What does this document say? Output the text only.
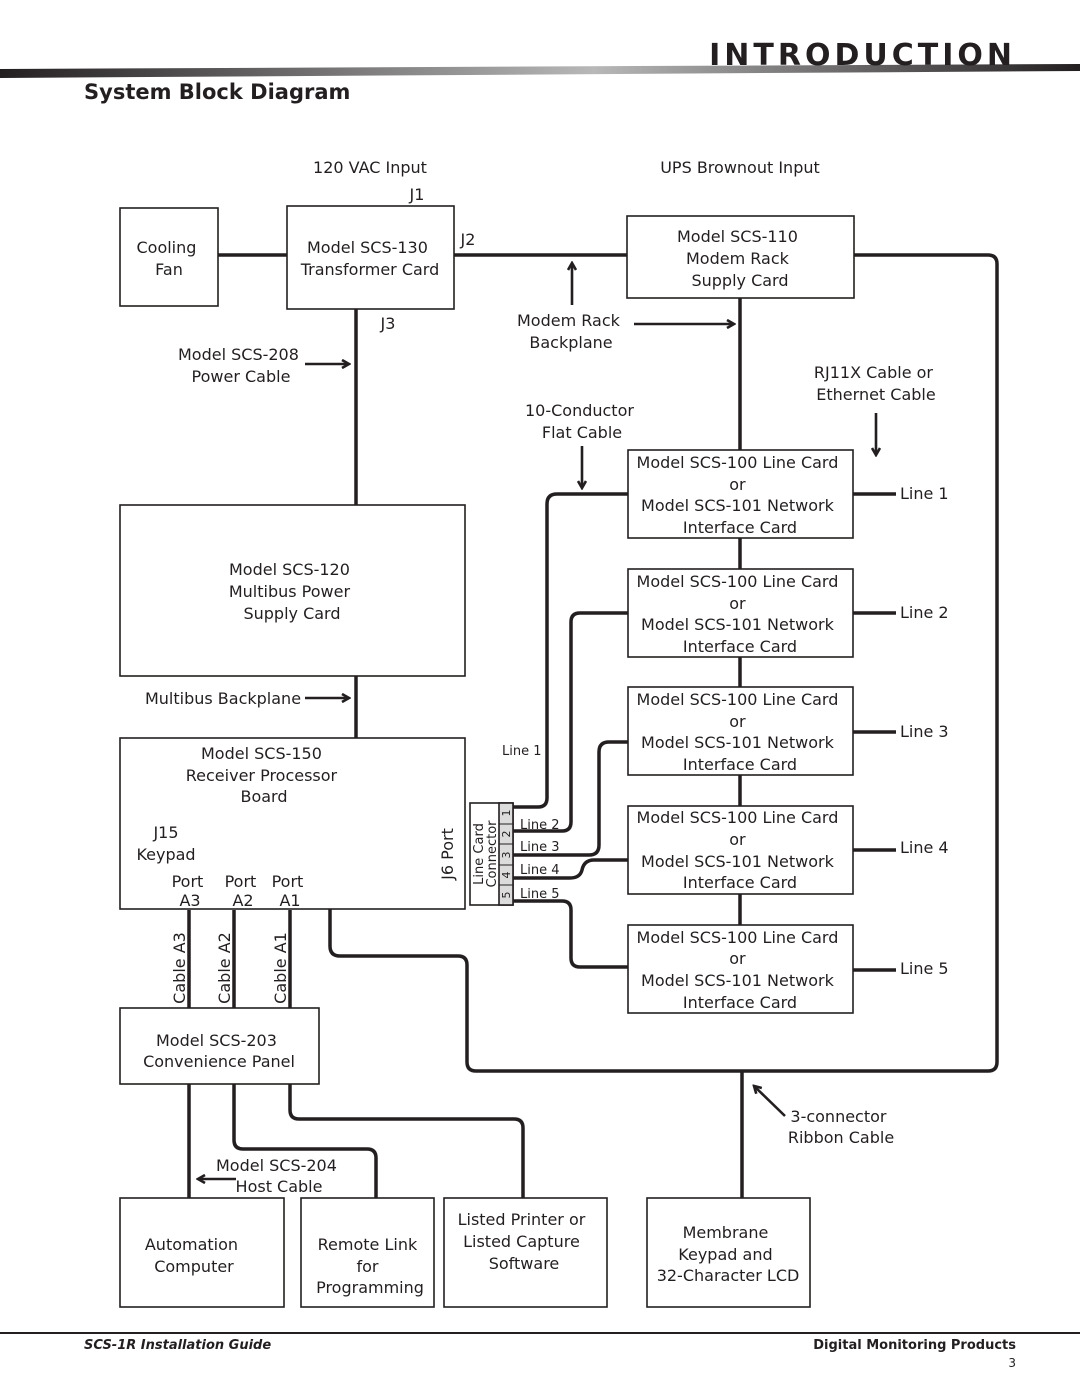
INTRODUCTION
System Block Diagram
120 VAC Input	UPS Brownout Input
J1
J2
J3
Cooling Fan
Model SCS-130 Transformer Card
Model SCS-110 Modem Rack Supply Card
Modem Rack Backplane
Model SCS-208 Power Cable	RJ11X Cable or Ethernet Cable
10-Conductor Flat Cable
Model SCS-120 Multibus Power Supply Card
Multibus Backplane
Model SCS-150 Receiver Processor Board
J15
Keypad
Port A3
Port A2
Port A1
J6 Port
Cable A3 Cable A2 Cable A1
Model SCS-100 Line Card or Model SCS-101 Network Interface Card
Model SCS-100 Line Card or Model SCS-101 Network Interface Card
Model SCS-100 Line Card or Model SCS-101 Network Interface Card
Model SCS-100 Line Card or Model SCS-101 Network Interface Card
Model SCS-100 Line Card or Model SCS-101 Network Interface Card
Line 1
Line 2
Line 3
Line 4
Line 5
Model SCS-203 Convenience Panel
3-connector Ribbon Cable
Model SCS-204 Host Cable
Automation Computer
Remote Link for Programming
Listed Printer or Listed Capture Software
Membrane Keypad and 32-Character LCD
Line 1
Line 2
Line 3
Line 4
Line 5
Line Card
Connector
1
2
3
4
5
SCS-1R Installation Guide	Digital Monitoring Products
3
